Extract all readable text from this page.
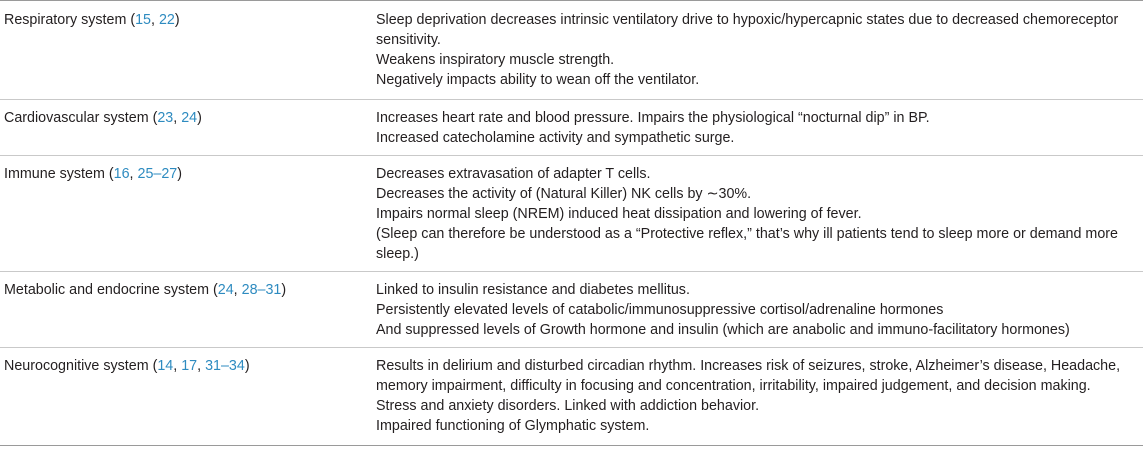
Respiratory system (15, 22)	Sleep deprivation decreases intrinsic ventilatory drive to hypoxic/hypercapnic states due to decreased chemoreceptor sensitivity.
Weakens inspiratory muscle strength.
Negatively impacts ability to wean off the ventilator.

Cardiovascular system (23, 24)	Increases heart rate and blood pressure. Impairs the physiological “nocturnal dip” in BP.
Increased catecholamine activity and sympathetic surge.

Immune system (16, 25–27)	Decreases extravasation of adapter T cells.
Decreases the activity of (Natural Killer) NK cells by ∼30%.
Impairs normal sleep (NREM) induced heat dissipation and lowering of fever.
(Sleep can therefore be understood as a “Protective reflex,” that’s why ill patients tend to sleep more or demand more sleep.)

Metabolic and endocrine system (24, 28–31)	Linked to insulin resistance and diabetes mellitus.
Persistently elevated levels of catabolic/immunosuppressive cortisol/adrenaline hormones
And suppressed levels of Growth hormone and insulin (which are anabolic and immuno-facilitatory hormones)

Neurocognitive system (14, 17, 31–34)	Results in delirium and disturbed circadian rhythm. Increases risk of seizures, stroke, Alzheimer’s disease, Headache, memory impairment, difficulty in focusing and concentration, irritability, impaired judgement, and decision making.
Stress and anxiety disorders. Linked with addiction behavior.
Impaired functioning of Glymphatic system.
